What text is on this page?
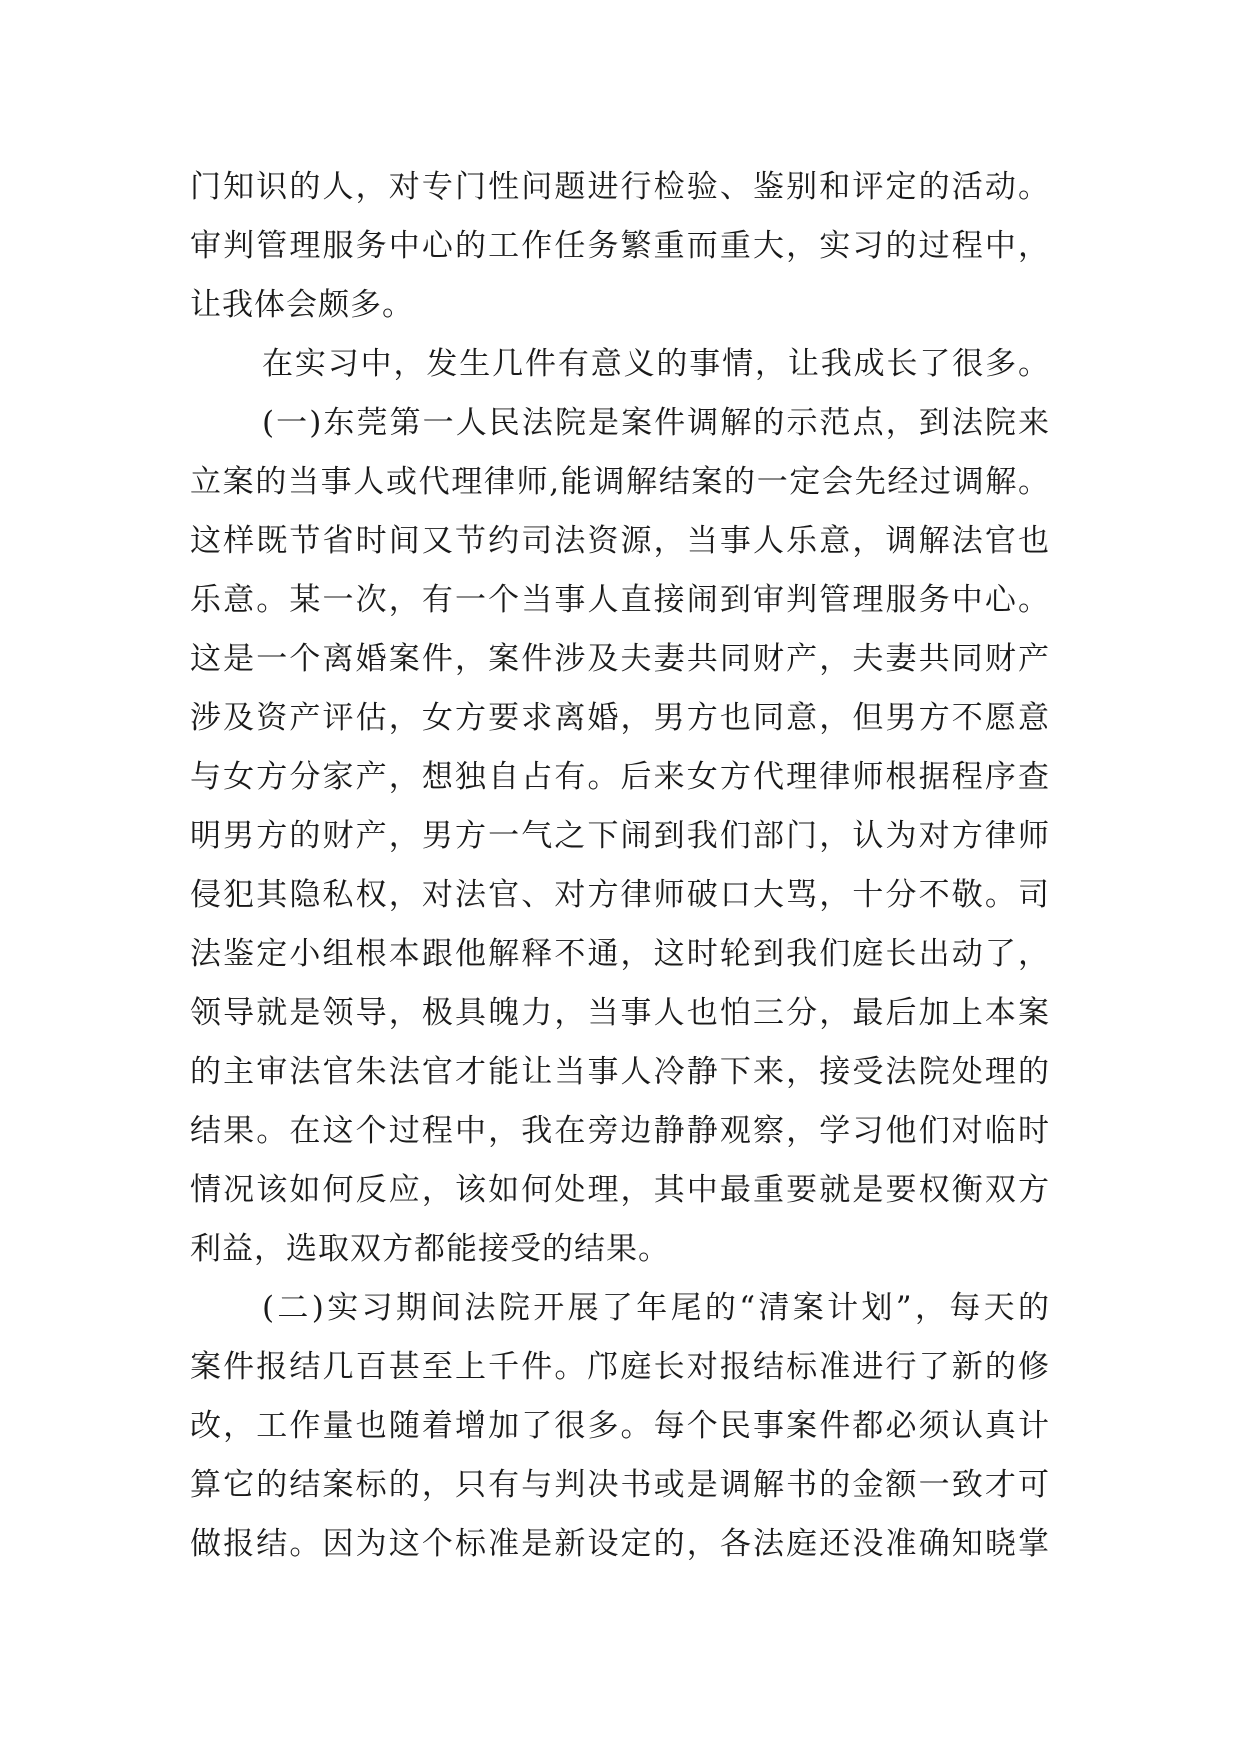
门知识的人，对专门性问题进行检验、鉴别和评定的活动。
审判管理服务中心的工作任务繁重而重大，实习的过程中，
让我体会颇多。
在实习中，发生几件有意义的事情，让我成长了很多。
(一)东莞第一人民法院是案件调解的示范点，到法院来
立案的当事人或代理律师,能调解结案的一定会先经过调解。
这样既节省时间又节约司法资源，当事人乐意，调解法官也
乐意。某一次，有一个当事人直接闹到审判管理服务中心。
这是一个离婚案件，案件涉及夫妻共同财产，夫妻共同财产
涉及资产评估，女方要求离婚，男方也同意，但男方不愿意
与女方分家产，想独自占有。后来女方代理律师根据程序查
明男方的财产，男方一气之下闹到我们部门，认为对方律师
侵犯其隐私权，对法官、对方律师破口大骂，十分不敬。司
法鉴定小组根本跟他解释不通，这时轮到我们庭长出动了，
领导就是领导，极具魄力，当事人也怕三分，最后加上本案
的主审法官朱法官才能让当事人冷静下来，接受法院处理的
结果。在这个过程中，我在旁边静静观察，学习他们对临时
情况该如何反应，该如何处理，其中最重要就是要权衡双方
利益，选取双方都能接受的结果。
(二)实习期间法院开展了年尾的“清案计划”，每天的
案件报结几百甚至上千件。邝庭长对报结标准进行了新的修
改，工作量也随着增加了很多。每个民事案件都必须认真计
算它的结案标的，只有与判决书或是调解书的金额一致才可
做报结。因为这个标准是新设定的，各法庭还没准确知晓掌
